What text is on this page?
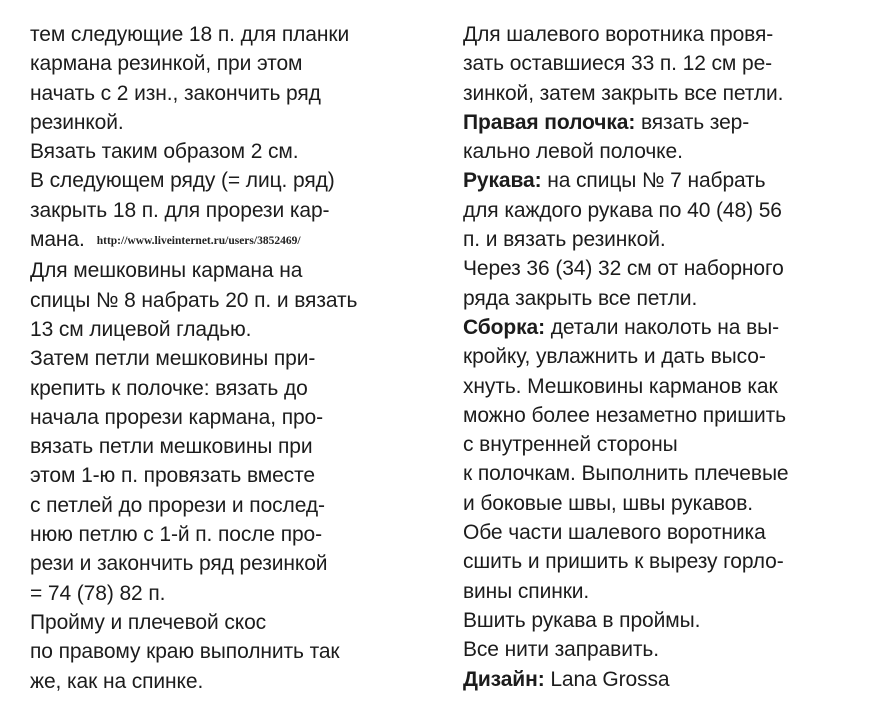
тем следующие 18 п. для планки
кармана резинкой, при этом
начать с 2 изн., закончить ряд
резинкой.
Вязать таким образом 2 см.
В следующем ряду (= лиц. ряд)
закрыть 18 п. для прорези кар-
мана. http://www.liveinternet.ru/users/3852469/
Для мешковины кармана на
спицы № 8 набрать 20 п. и вязать
13 см лицевой гладью.
Затем петли мешковины при-
крепить к полочке: вязать до
начала прорези кармана, про-
вязать петли мешковины при
этом 1-ю п. провязать вместе
с петлей до прорези и послед-
нюю петлю с 1-й п. после про-
рези и закончить ряд резинкой
= 74 (78) 82 п.
Пройму и плечевой скос
по правому краю выполнить так
же, как на спинке.
Для шалевого воротника провя-
зать оставшиеся 33 п. 12 см ре-
зинкой, затем закрыть все петли.
Правая полочка: вязать зер-
кально левой полочке.
Рукава: на спицы № 7 набрать
для каждого рукава по 40 (48) 56
п. и вязать резинкой.
Через 36 (34) 32 см от наборного
ряда закрыть все петли.
Сборка: детали наколоть на вы-
кройку, увлажнить и дать высо-
хнуть. Мешковины карманов как
можно более незаметно пришить
с внутренней стороны
к полочкам. Выполнить плечевые
и боковые швы, швы рукавов.
Обе части шалевого воротника
сшить и пришить к вырезу горло-
вины спинки.
Вшить рукава в проймы.
Все нити заправить.
Дизайн: Lana Grossa
